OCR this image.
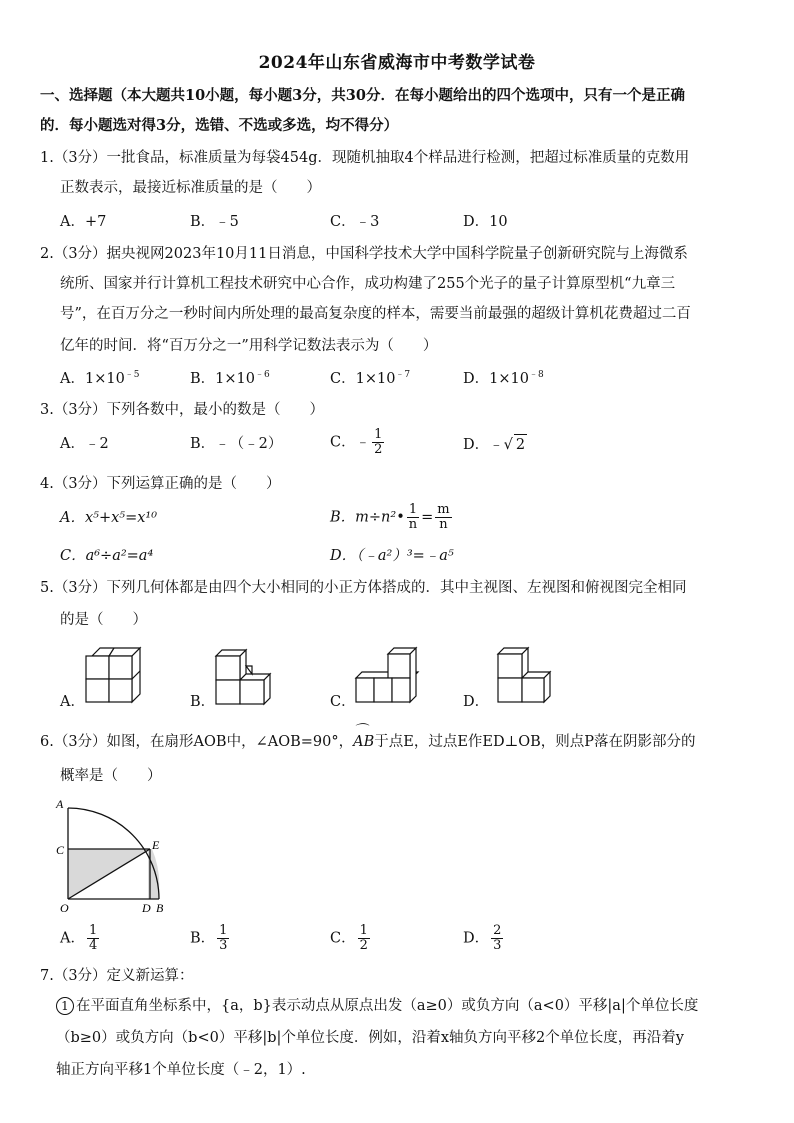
2024年山东省威海市中考数学试卷
一、选择题（本大题共10小题，每小题3分，共30分．在每小题给出的四个选项中，只有一个是正确
的．每小题选对得3分，选错、不选或多选，均不得分）
1.（3分）一批食品，标准质量为每袋454g．现随机抽取4个样品进行检测，把超过标准质量的克数用
正数表示，最接近标准质量的是（　　）
A．+7	B．﹣5	C．﹣3	D．10
2.（3分）据央视网2023年10月11日消息，中国科学技术大学中国科学院量子创新研究院与上海微系
统所、国家并行计算机工程技术研究中心合作，成功构建了255个光子的量子计算原型机“九章三
号”，在百万分之一秒时间内所处理的最高复杂度的样本，需要当前最强的超级计算机花费超过二百
亿年的时间．将“百万分之一”用科学记数法表示为（　　）
A．$1\times 10^{﹣5}$	B．$1\times 10^{﹣6}$	C．$1\times 10^{﹣7}$	D．$1\times 10^{﹣8}$
3.（3分）下列各数中，最小的数是（　　）
A．﹣2	B．﹣（﹣2）	C．﹣ $\frac{1}{2}$	D．﹣√ 2
4.（3分）下列运算正确的是（　　）
A．x⁵+x⁵=x¹⁰	B．m÷n²• $\frac{1}{n} = \frac{m}{n}$
C．a⁶÷a²=a⁴	D．（﹣a²）³=﹣a⁵
5.（3分）下列几何体都是由四个大小相同的小正方体搭成的．其中主视图、左视图和俯视图完全相同
的是（　　）
A．	B．	C．	D．
6.（3分）如图，在扇形AOB中，∠AOB=90°，⌒ AB于点E，过点E作ED⊥OB，则点P落在阴影部分的
概率是（　　）
A
C	E
O	D B
A． $\frac{1}{4}$	B． $\frac{1}{3}$	C． $\frac{1}{2}$	D． $\frac{2}{3}$
7.（3分）定义新运算：
1 在平面直角坐标系中，{a，b}表示动点从原点出发（a≥0）或负方向（a<0）平移|a|个单位长度
（b≥0）或负方向（b<0）平移|b|个单位长度．例如，沿着x轴负方向平移2个单位长度，再沿着y
轴正方向平移1个单位长度（﹣2，1）.
